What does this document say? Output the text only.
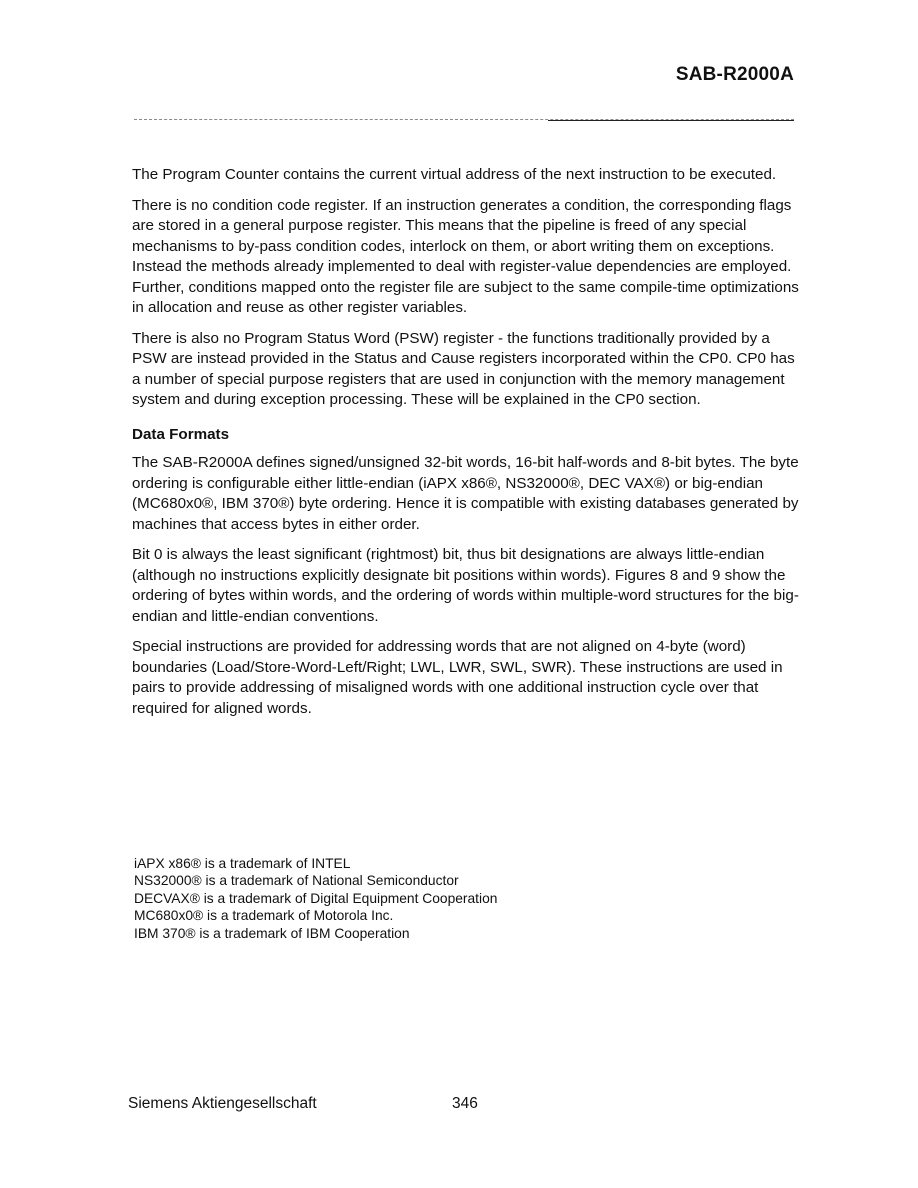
SAB-R2000A

The Program Counter contains the current virtual address of the next instruction to be executed.

There is no condition code register. If an instruction generates a condition, the corresponding flags are stored in a general purpose register. This means that the pipeline is freed of any special mechanisms to by-pass condition codes, interlock on them, or abort writing them on exceptions. Instead the methods already implemented to deal with register-value dependencies are employed. Further, conditions mapped onto the register file are subject to the same compile-time optimizations in allocation and reuse as other register variables.

There is also no Program Status Word (PSW) register - the functions traditionally provided by a PSW are instead provided in the Status and Cause registers incorporated within the CP0. CP0 has a number of special purpose registers that are used in conjunction with the memory management system and during exception processing. These will be explained in the CP0 section.

Data Formats

The SAB-R2000A defines signed/unsigned 32-bit words, 16-bit half-words and 8-bit bytes. The byte ordering is configurable either little-endian (iAPX x86®, NS32000®, DEC VAX®) or big-endian (MC680x0®, IBM 370®) byte ordering. Hence it is compatible with existing databases generated by machines that access bytes in either order.

Bit 0 is always the least significant (rightmost) bit, thus bit designations are always little-endian (although no instructions explicitly designate bit positions within words). Figures 8 and 9 show the ordering of bytes within words, and the ordering of words within multiple-word structures for the big-endian and little-endian conventions.

Special instructions are provided for addressing words that are not aligned on 4-byte (word) boundaries (Load/Store-Word-Left/Right; LWL, LWR, SWL, SWR). These instructions are used in pairs to provide addressing of misaligned words with one additional instruction cycle over that required for aligned words.

iAPX x86® is a trademark of INTEL
NS32000® is a trademark of National Semiconductor
DECVAX® is a trademark of Digital Equipment Cooperation
MC680x0® is a trademark of Motorola Inc.
IBM 370® is a trademark of IBM Cooperation
Siemens Aktiengesellschaft	346
